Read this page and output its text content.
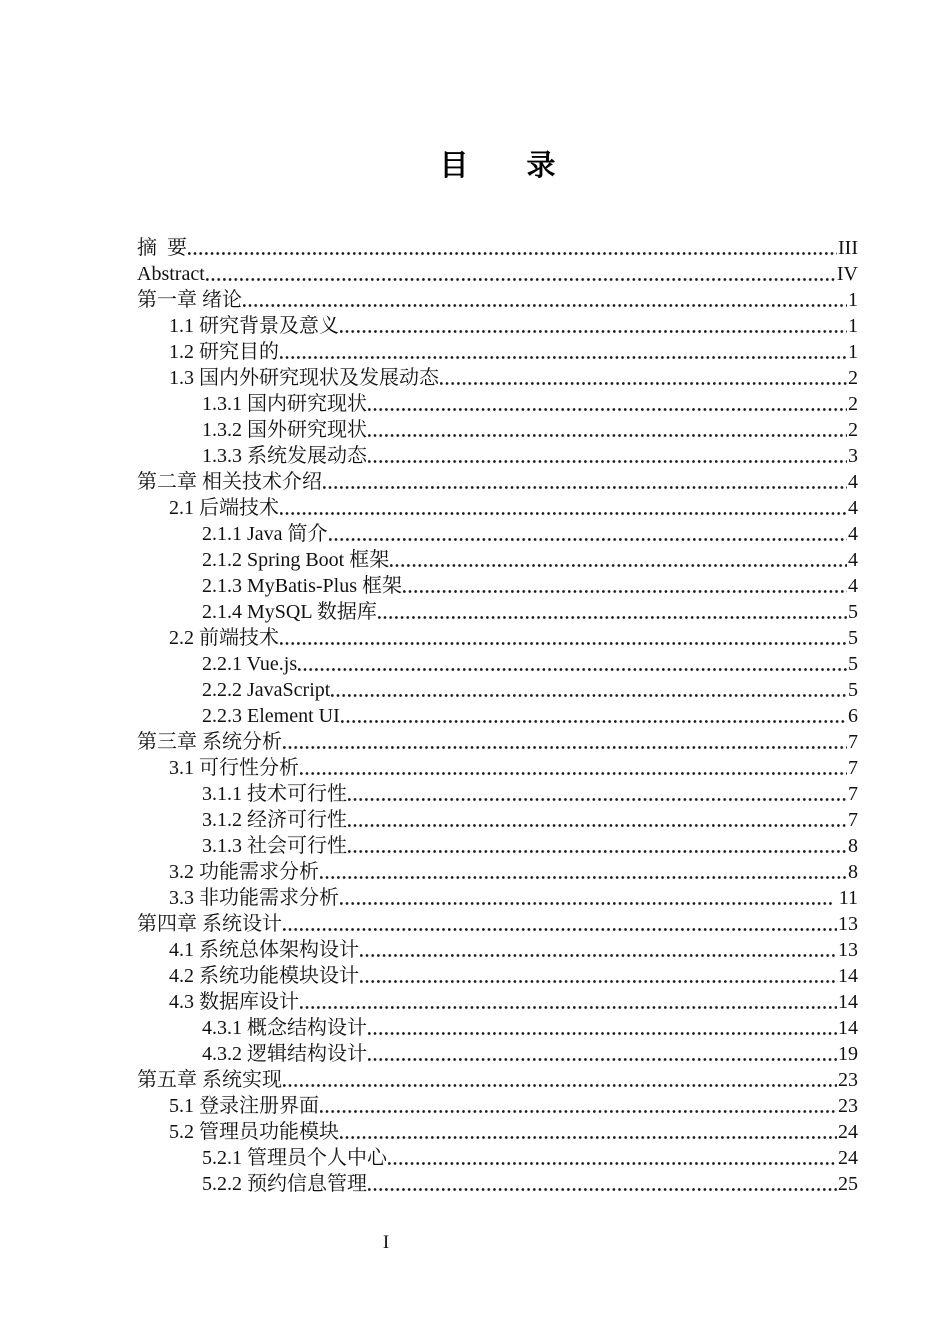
目　　录
摘  要	III
Abstract	IV
第一章 绪论	1
1.1 研究背景及意义	1
1.2 研究目的	1
1.3 国内外研究现状及发展动态	2
1.3.1 国内研究现状	2
1.3.2 国外研究现状	2
1.3.3 系统发展动态	3
第二章 相关技术介绍	4
2.1 后端技术	4
2.1.1 Java 简介	4
2.1.2 Spring Boot 框架	4
2.1.3 MyBatis-Plus 框架	4
2.1.4 MySQL 数据库	5
2.2 前端技术	5
2.2.1 Vue.js	5
2.2.2 JavaScript	5
2.2.3 Element UI	6
第三章 系统分析	7
3.1 可行性分析	7
3.1.1 技术可行性	7
3.1.2 经济可行性	7
3.1.3 社会可行性	8
3.2 功能需求分析	8
3.3 非功能需求分析	11
第四章 系统设计	13
4.1 系统总体架构设计	13
4.2 系统功能模块设计	14
4.3 数据库设计	14
4.3.1 概念结构设计	14
4.3.2 逻辑结构设计	19
第五章 系统实现	23
5.1 登录注册界面	23
5.2 管理员功能模块	24
5.2.1 管理员个人中心	24
5.2.2 预约信息管理	25
I
